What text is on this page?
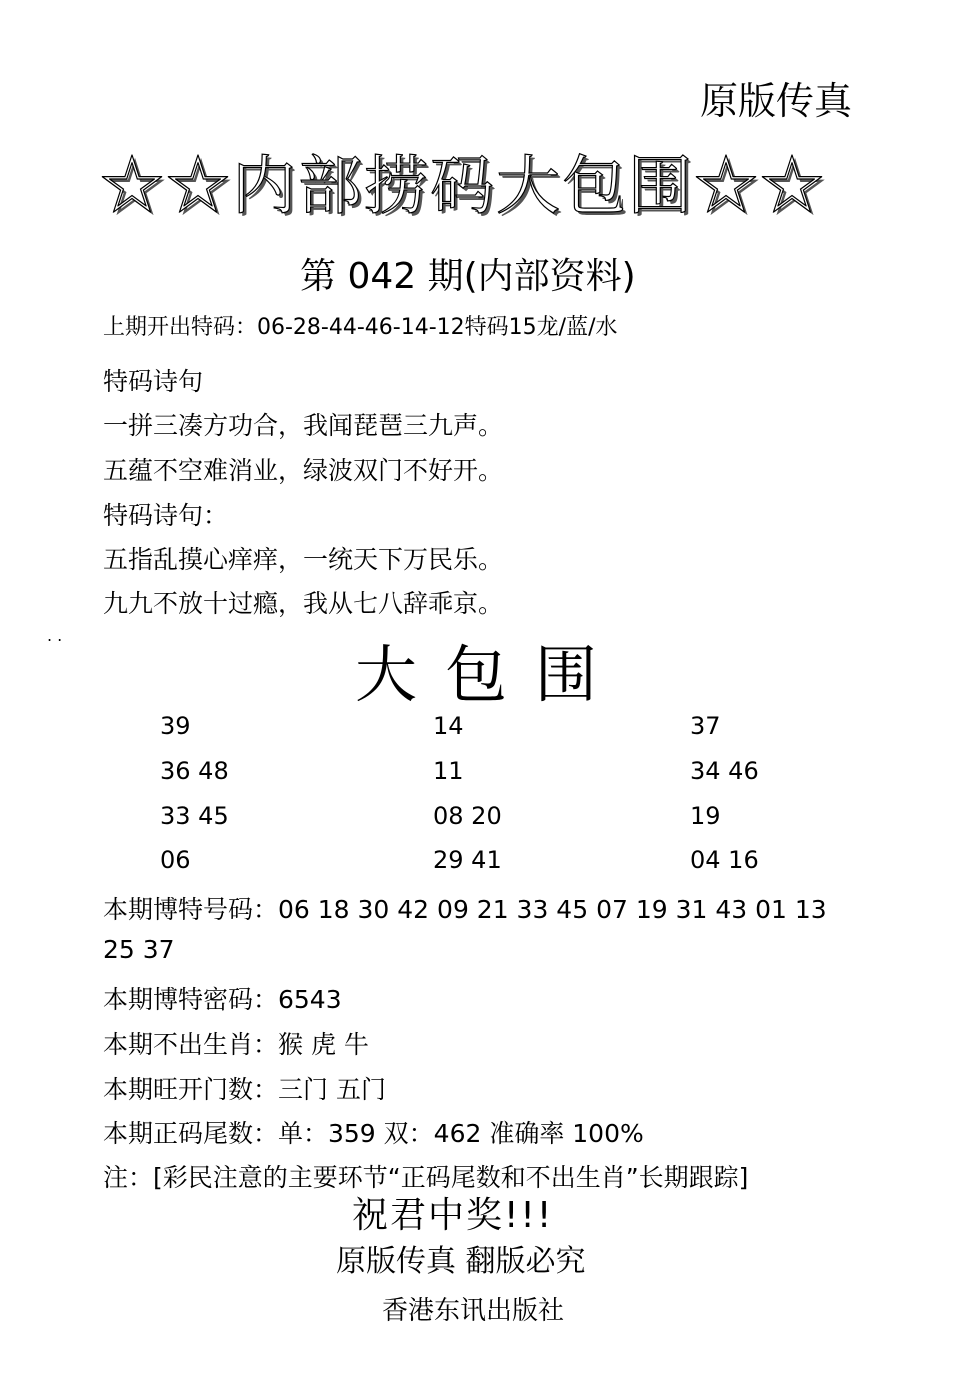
原版传真
☆☆内部捞码大包围☆☆
第 042 期(内部资料)
上期开出特码：06-28-44-46-14-12特码15龙/蓝/水
特码诗句
一拼三凑方功合，我闻琵琶三九声。
五蕴不空难消业，绿波双门不好开。
特码诗句：
五指乱摸心痒痒，一统天下万民乐。
九九不放十过瘾，我从七八辞乖京。
. .
大包围
39
36 48
33 45
06
14
11
08 20
29 41
37
34 46
19
04 16
本期博特号码：06 18 30 42 09 21 33 45 07 19 31 43 01 13
25 37
本期博特密码：6543
本期不出生肖：猴 虎 牛
本期旺开门数：三门 五门
本期正码尾数：单：359 双：462 准确率 100%
注：[彩民注意的主要环节“正码尾数和不出生肖”长期跟踪]
祝君中奖!!!
原版传真 翻版必究
香港东讯出版社
